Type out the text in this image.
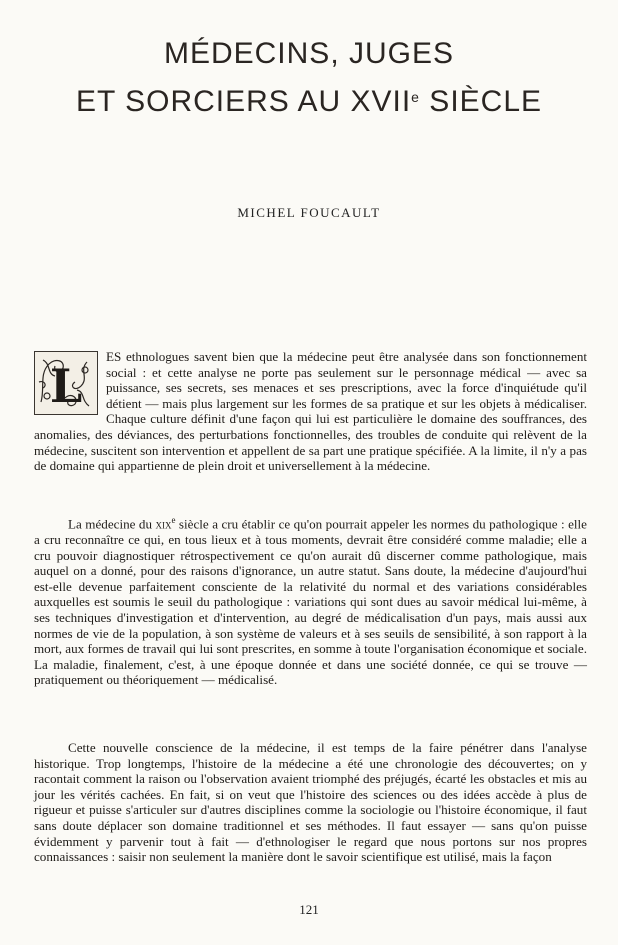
MÉDECINS, JUGES
ET SORCIERS AU XVIIe SIÈCLE
MICHEL FOUCAULT
L
ES ethnologues savent bien que la médecine peut être analysée dans son fonctionnement social : et cette analyse ne porte pas seulement sur le personnage médical — avec sa puissance, ses secrets, ses menaces et ses prescriptions, avec la force d'inquiétude qu'il détient — mais plus largement sur les formes de sa pratique et sur les objets à médicaliser. Chaque culture définit d'une façon qui lui est particulière le domaine des souffrances, des anomalies, des déviances, des perturbations fonctionnelles, des troubles de conduite qui relèvent de la médecine, suscitent son intervention et appellent de sa part une pratique spécifiée. A la limite, il n'y a pas de domaine qui appartienne de plein droit et universellement à la médecine.
La médecine du xix$^e$ siècle a cru établir ce qu'on pourrait appeler les normes du pathologique : elle a cru reconnaître ce qui, en tous lieux et à tous moments, devrait être considéré comme maladie; elle a cru pouvoir diagnostiquer rétrospectivement ce qu'on aurait dû discerner comme pathologique, mais auquel on a donné, pour des raisons d'ignorance, un autre statut. Sans doute, la médecine d'aujourd'hui est-elle devenue parfaitement consciente de la relativité du normal et des variations considérables auxquelles est soumis le seuil du pathologique : variations qui sont dues au savoir médical lui-même, à ses techniques d'investigation et d'intervention, au degré de médicalisation d'un pays, mais aussi aux normes de vie de la population, à son système de valeurs et à ses seuils de sensibilité, à son rapport à la mort, aux formes de travail qui lui sont prescrites, en somme à toute l'organisation économique et sociale. La maladie, finalement, c'est, à une époque donnée et dans une société donnée, ce qui se trouve — pratiquement ou théoriquement — médicalisé.
Cette nouvelle conscience de la médecine, il est temps de la faire pénétrer dans l'analyse historique. Trop longtemps, l'histoire de la médecine a été une chronologie des découvertes; on y racontait comment la raison ou l'observation avaient triomphé des préjugés, écarté les obstacles et mis au jour les vérités cachées. En fait, si on veut que l'histoire des sciences ou des idées accède à plus de rigueur et puisse s'articuler sur d'autres disciplines comme la sociologie ou l'histoire économique, il faut sans doute déplacer son domaine traditionnel et ses méthodes. Il faut essayer — sans qu'on puisse évidemment y parvenir tout à fait — d'ethnologiser le regard que nous portons sur nos propres connaissances : saisir non seulement la manière dont le savoir scientifique est utilisé, mais la façon
121
